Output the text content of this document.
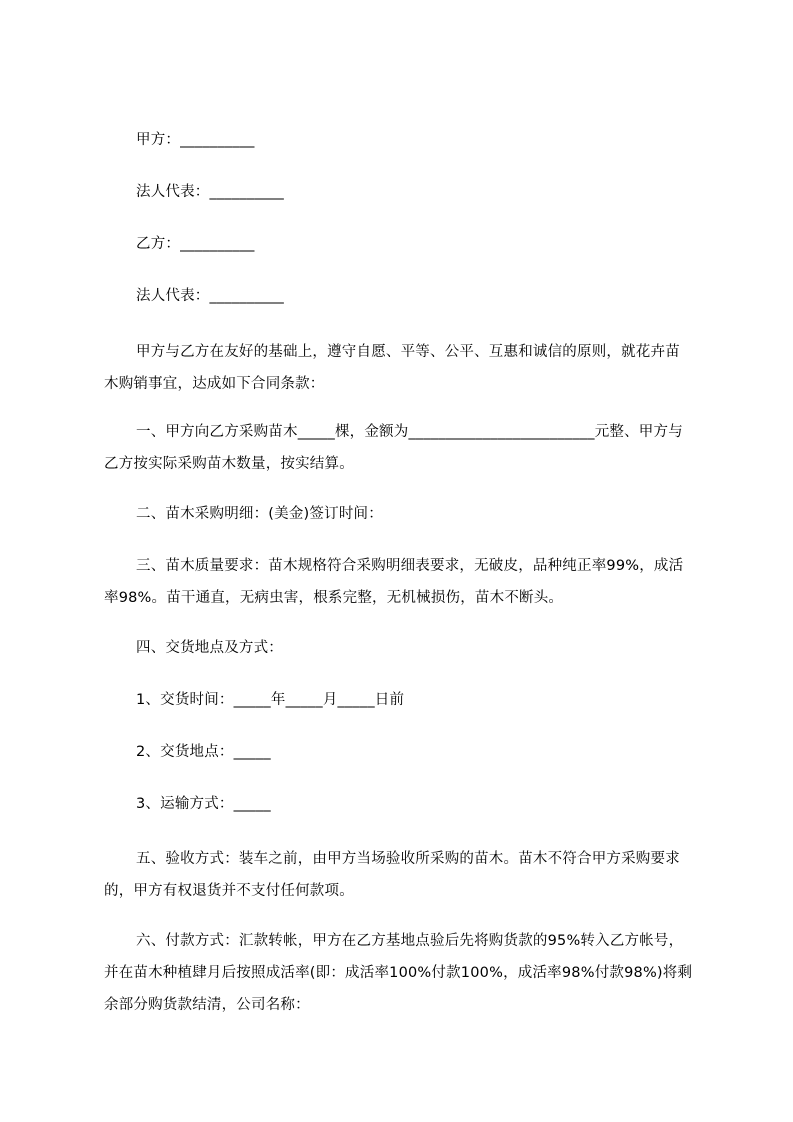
甲方：__________

法人代表：__________

乙方：__________

法人代表：__________

甲方与乙方在友好的基础上，遵守自愿、平等、公平、互惠和诚信的原则，就花卉苗木购销事宜，达成如下合同条款：

一、甲方向乙方采购苗木_____棵，金额为_________________________元整、甲方与乙方按实际采购苗木数量，按实结算。

二、苗木采购明细：(美金)签订时间：

三、苗木质量要求：苗木规格符合采购明细表要求，无破皮，品种纯正率99%，成活率98%。苗干通直，无病虫害，根系完整，无机械损伤，苗木不断头。

四、交货地点及方式：

1、交货时间：_____年_____月_____日前

2、交货地点：_____

3、运输方式：_____

五、验收方式：装车之前，由甲方当场验收所采购的苗木。苗木不符合甲方采购要求的，甲方有权退货并不支付任何款项。

六、付款方式：汇款转帐，甲方在乙方基地点验后先将购货款的95%转入乙方帐号，并在苗木种植肆月后按照成活率(即：成活率100%付款100%，成活率98%付款98%)将剩余部分购货款结清，公司名称：
